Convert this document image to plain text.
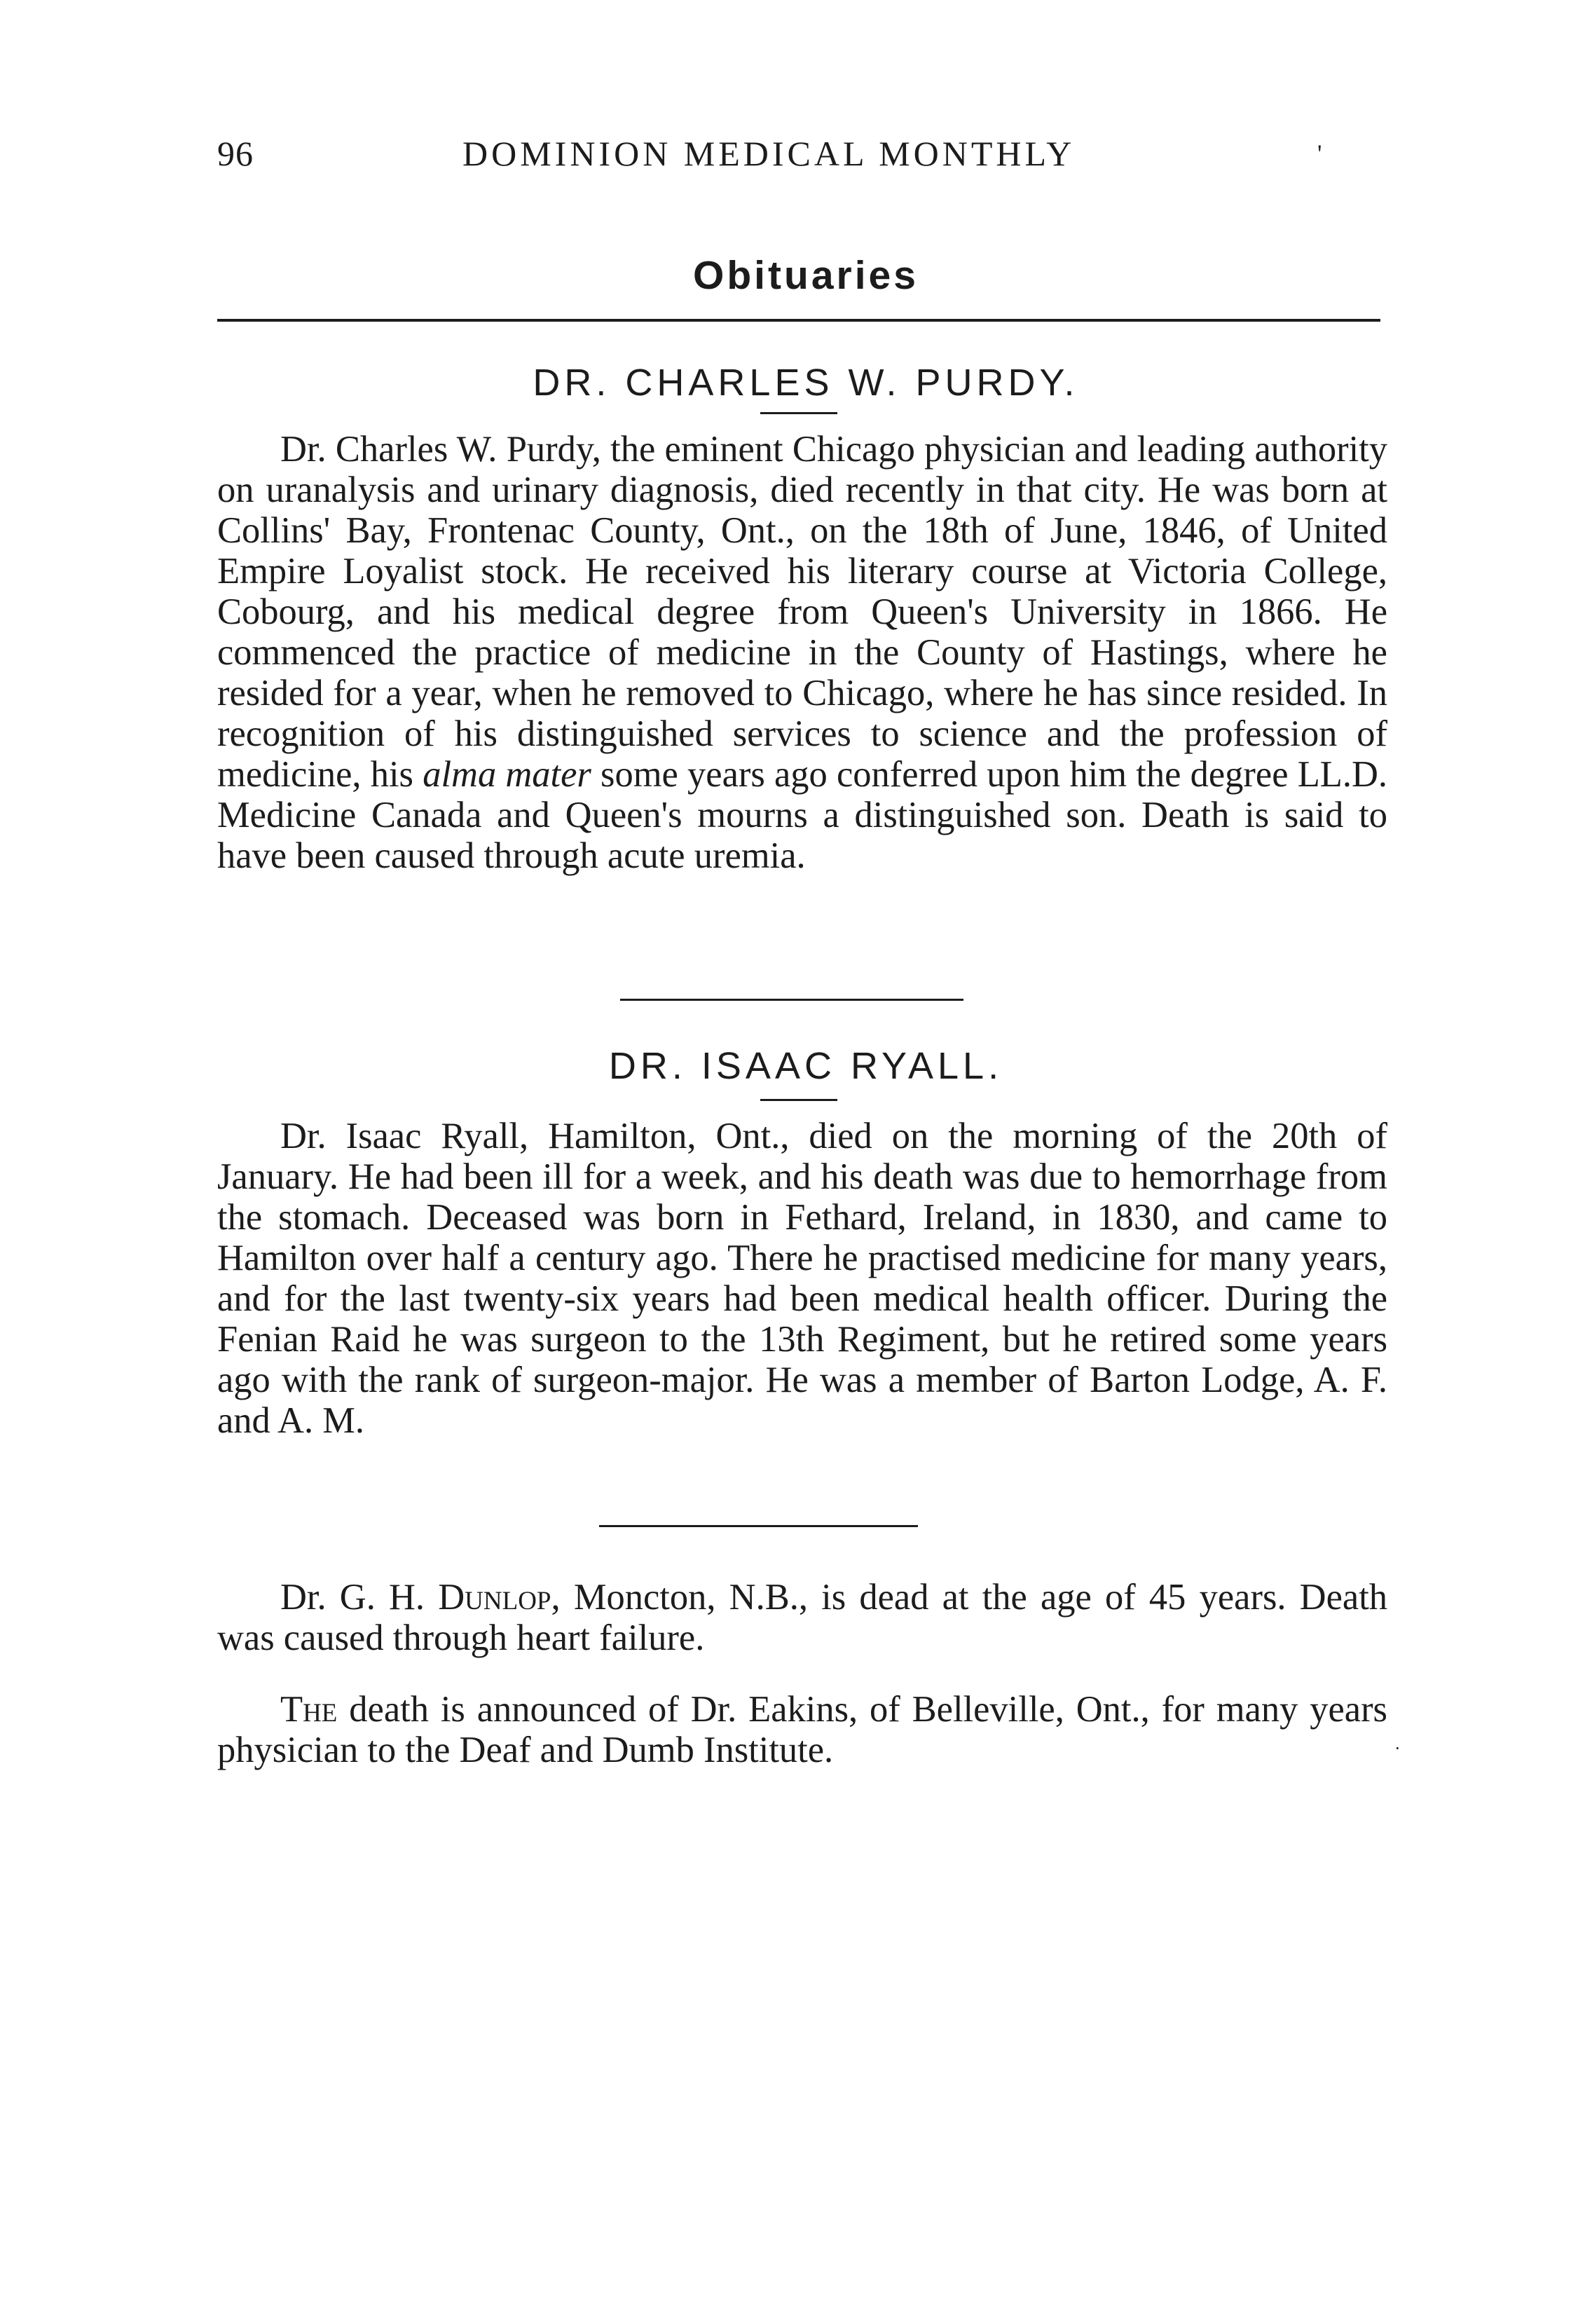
96	DOMINION MEDICAL MONTHLY	'
Obituaries
DR. CHARLES W. PURDY.

Dr. Charles W. Purdy, the eminent Chicago physician and leading authority on uranalysis and urinary diagnosis, died recently in that city. He was born at Collins' Bay, Frontenac County, Ont., on the 18th of June, 1846, of United Empire Loyalist stock. He received his literary course at Victoria College, Cobourg, and his medical degree from Queen's University in 1866. He commenced the practice of medicine in the County of Hastings, where he resided for a year, when he removed to Chicago, where he has since resided. In recognition of his distinguished services to science and the profession of medicine, his alma mater some years ago conferred upon him the degree LL.D. Medicine Canada and Queen's mourns a distinguished son. Death is said to have been caused through acute uremia.

DR. ISAAC RYALL.

Dr. Isaac Ryall, Hamilton, Ont., died on the morning of the 20th of January. He had been ill for a week, and his death was due to hemorrhage from the stomach. Deceased was born in Fethard, Ireland, in 1830, and came to Hamilton over half a century ago. There he practised medicine for many years, and for the last twenty-six years had been medical health officer. During the Fenian Raid he was surgeon to the 13th Regiment, but he retired some years ago with the rank of surgeon-major. He was a member of Barton Lodge, A. F. and A. M.

Dr. G. H. Dunlop, Moncton, N.B., is dead at the age of 45 years. Death was caused through heart failure.

The death is announced of Dr. Eakins, of Belleville, Ont., for many years physician to the Deaf and Dumb Institute.	·
